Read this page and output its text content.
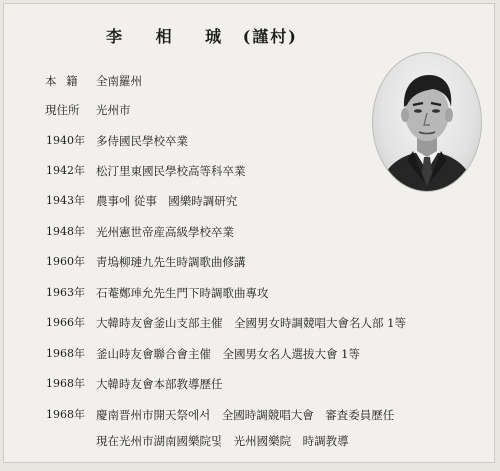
李 相 珹 (謹村)
本 籍 全南羅州
現住所 光州市
1940年 多侍國民學校卒業
1942年 松汀里東國民學校高等科卒業
1943年 農事에 從事　國樂時調研究
1948年 光州憲世帝産高級學校卒業
1960年 靑塢柳璉九先生時調歌曲修講
1963年 石菴鄭𤥭允先生門下時調歌曲專攻
1966年 大韓時友會釜山支部主催　全國男女時調競唱大會名人部 1等
1968年 釜山時友會聯合會主催　全國男女名人選拔大會 1等
1968年 大韓時友會本部教導歷任
1968年 慶南晋州市開天祭에서　全國時調競唱大會　審査委員歷任
現在光州市湖南國樂院및　光州國樂院　時調教導
